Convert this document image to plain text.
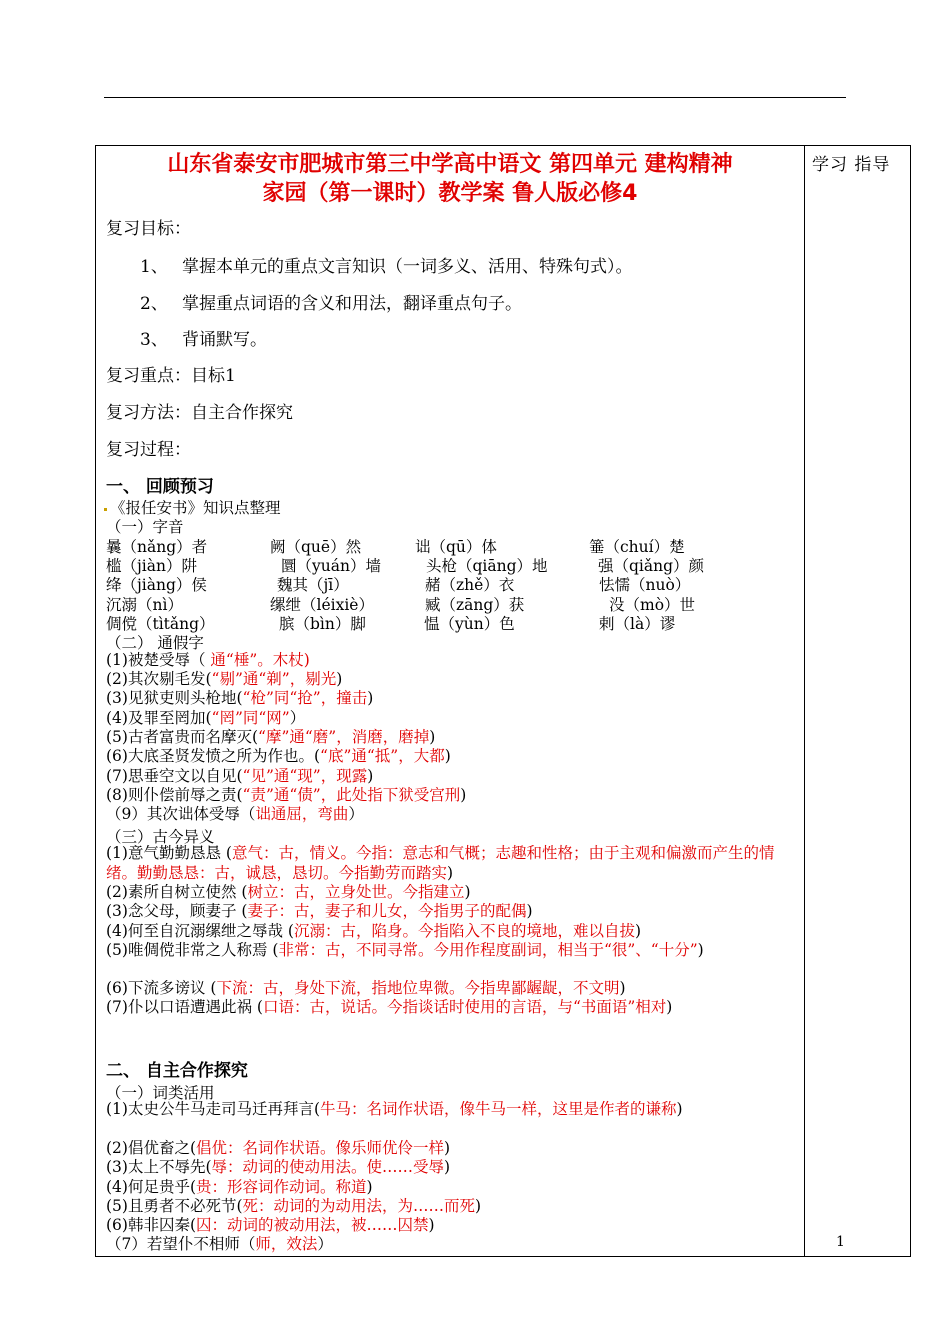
学习 指导
1
山东省泰安市肥城市第三中学高中语文 第四单元 建构精神
家园（第一课时）教学案 鲁人版必修4
复习目标：
1、 掌握本单元的重点文言知识（一词多义、活用、特殊句式）。
2、 掌握重点词语的含义和用法，翻译重点句子。
3、 背诵默写。
复习重点：目标1
复习方法：自主合作探究
复习过程：
一、 回顾预习
《报任安书》知识点整理
（一）字音
曩（nǎng）者	阙（quē）然	诎（qū）体	箠（chuí）楚
槛（jiàn）阱	圜（yuán）墙	头枪（qiāng）地	强（qiǎng）颜
绛（jiàng）侯	魏其（jī）	赭（zhě）衣	怯懦（nuò）
沉溺（nì）	缧绁（léixiè）	臧（zāng）获	没（mò）世
倜傥（tìtǎng）	膑（bìn）脚	愠（yùn）色	剌（là）谬
（二） 通假字
(1)被楚受辱（ 通“棰”。木杖)
(2)其次剔毛发(“剔”通“剃”，剔光)
(3)见狱吏则头枪地(“枪”同“抢”，撞击)
(4)及罪至罔加(“罔”同“网”）
(5)古者富贵而名摩灭(“摩”通“磨”，消磨，磨掉)
(6)大底圣贤发愤之所为作也。(“底”通“抵”，大都)
(7)思垂空文以自见(“见”通“现”，现露)
(8)则仆偿前辱之责(“责”通“债”，此处指下狱受宫刑)
（9）其次诎体受辱（诎通屈，弯曲）
（三）古今异义
(1)意气勤勤恳恳 (意气：古，情义。今指：意志和气概；志趣和性格；由于主观和偏激而产生的情绪。勤勤恳恳：古，诚恳，恳切。今指勤劳而踏实)
(2)素所自树立使然 (树立：古，立身处世。今指建立)
(3)念父母，顾妻子 (妻子：古，妻子和儿女，今指男子的配偶)
(4)何至自沉溺缧绁之辱哉 (沉溺：古，陷身。今指陷入不良的境地，难以自拔)
(5)唯倜傥非常之人称焉 (非常：古，不同寻常。今用作程度副词，相当于“很”、“十分”)
(6)下流多谤议 (下流：古，身处下流，指地位卑微。今指卑鄙龌龊，不文明)
(7)仆以口语遭遇此祸 (口语：古，说话。今指谈话时使用的言语，与“书面语”相对)
二、 自主合作探究
（一）词类活用
(1)太史公牛马走司马迁再拜言(牛马：名词作状语，像牛马一样，这里是作者的谦称)
(2)倡优畜之(倡优：名词作状语。像乐师优伶一样)
(3)太上不辱先(辱：动词的使动用法。使……受辱)
(4)何足贵乎(贵：形容词作动词。称道)
(5)且勇者不必死节(死：动词的为动用法，为……而死)
(6)韩非囚秦(囚：动词的被动用法，被……囚禁)
（7）若望仆不相师（师，效法）
